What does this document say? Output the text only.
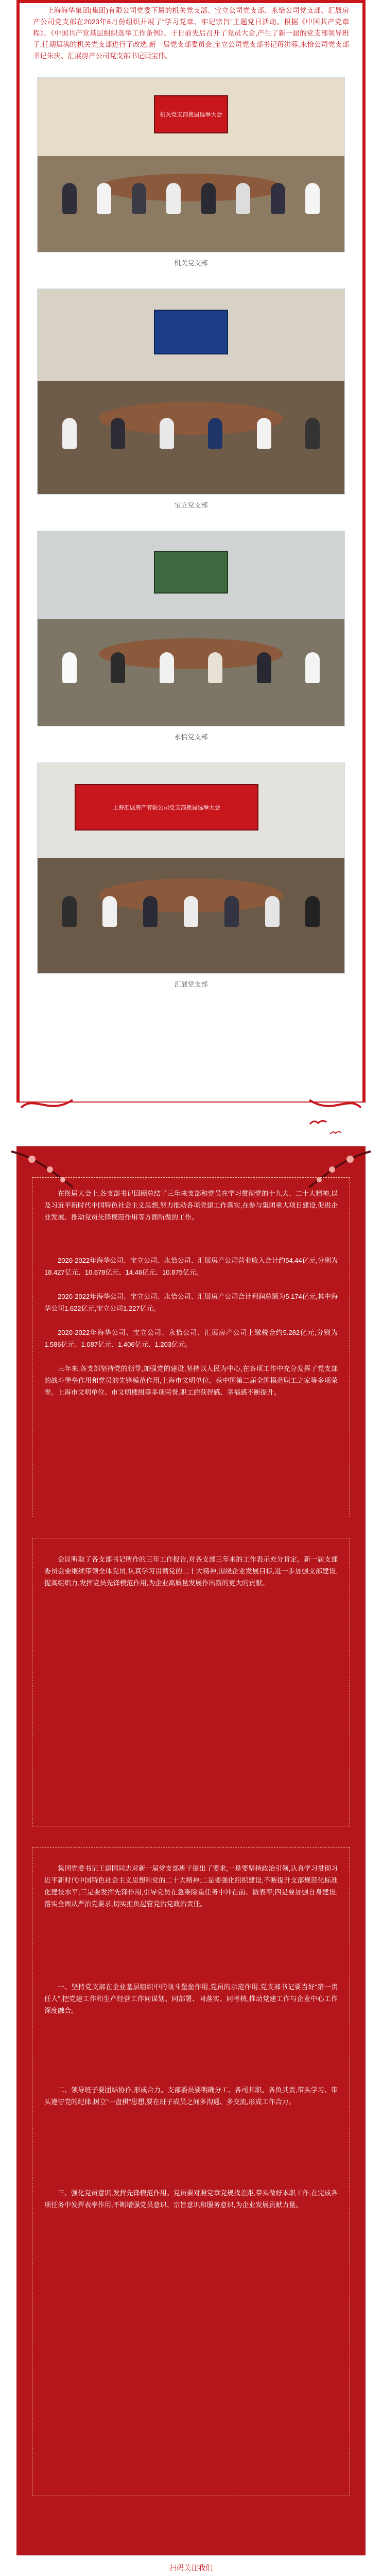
上海海华集团(集团)有限公司党委下属的机关党支部、宝立公司党支部、永恰公司党支部、汇展房产公司党支部在2023年6月份组织开展了“学习党章、牢记宗旨”主题党日活动。根据《中国共产党章程》、《中国共产党基层组织选举工作条例》、于日前先后召开了党员大会,产生了新一届的党支部领导班子,任期届满的机关党支部进行了改选,新一届党支部委员会,宝立公司党支部书记蒋洪蓉,永恰公司党支部书记朱庆、汇展房产公司党支部书记顾宝伟。

机关党支部换届选举大会
机关党支部
宝立党支部
永恰党支部
上海汇展房产有限公司党支部换届选举大会
汇展党支部

在换届大会上,各支部书记回顾总结了三年来支部和党员在学习贯彻党的十九大、二十大精神,以及习近平新时代中国特色社会主义思想,努力推动各项党建工作落实,在参与集团重大项目建设,促进企业发展、推动党员先锋模范作用等方面所做的工作。

2020-2022年海华公司、宝立公司、永恰公司、汇展房产公司营业收入合计约54.44亿元,分别为18.427亿元、10.678亿元、14.46亿元、10.875亿元。

2020-2022年海华公司、宝立公司、永恰公司、汇展房产公司合计利润总额为5.174亿元,其中海华公司1.622亿元,宝立公司1.227亿元。

2020-2022年海华公司、宝立公司、永恰公司、汇展房产公司上缴税金约5.282亿元,分别为1.586亿元、1.087亿元、1.406亿元、1.203亿元。

三年来,各支部坚持党的领导,加强党的建设,坚持以人民为中心,在各项工作中充分发挥了党支部的战斗堡垒作用和党员的先锋模范作用,上海市文明单位、获中国第二届全国模范职工之家等多项荣誉。上海市文明单位、市文明楼组等多项荣誉,职工的获得感、幸福感不断提升。

会议听取了各支部书记所作的三年工作报告,对各支部三年来的工作表示充分肯定。新一届支部委员会要继续带领全体党员,认真学习贯彻党的二十大精神,围绕企业发展目标,进一步加强支部建设,提高组织力,发挥党员先锋模范作用,为企业高质量发展作出新的更大的贡献。

集团党委书记王建国同志对新一届党支部班子提出了要求,一是要坚持政治引领,认真学习贯彻习近平新时代中国特色社会主义思想和党的二十大精神;二是要强化组织建设,不断提升支部规范化标准化建设水平;三是要发挥先锋作用,引导党员在急难险重任务中冲在前、做表率;四是要加强自身建设,落实全面从严治党要求,切实担负起管党治党政治责任。

一、坚持党支部在企业基层组织中的战斗堡垒作用,党员的示范作用,党支部书记要当好“第一责任人”,把党建工作和生产经营工作同谋划、同部署、同落实、同考核,推动党建工作与企业中心工作深度融合。

二、领导班子要团结协作,形成合力。支部委员要明确分工、各司其职、各负其责,带头学习、带头遵守党的纪律,树立“一盘棋”思想,要在班子成员之间多沟通、多交流,形成工作合力。

三、强化党员意识,发挥先锋模范作用。党员要对照党章党规找差距,带头做好本职工作,在完成各项任务中发挥表率作用,不断增强党员意识、宗旨意识和服务意识,为企业发展贡献力量。

扫码关注我们
